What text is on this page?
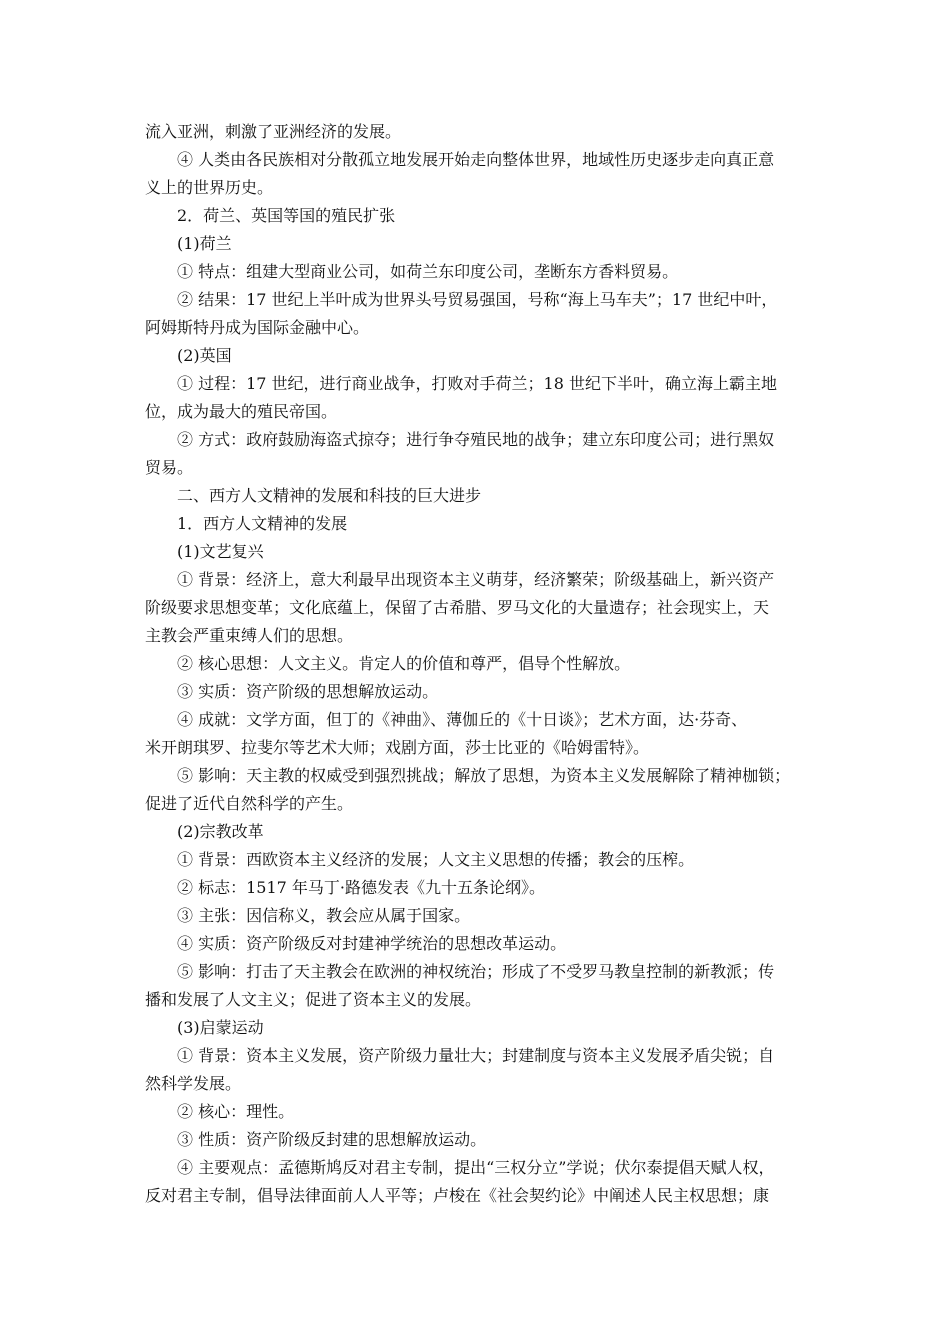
流入亚洲，刺激了亚洲经济的发展。

④ 人类由各民族相对分散孤立地发展开始走向整体世界，地域性历史逐步走向真正意

义上的世界历史。

2．荷兰、英国等国的殖民扩张

(1)荷兰

① 特点：组建大型商业公司，如荷兰东印度公司，垄断东方香料贸易。

② 结果：17 世纪上半叶成为世界头号贸易强国，号称“海上马车夫”；17 世纪中叶，

阿姆斯特丹成为国际金融中心。

(2)英国

① 过程：17 世纪，进行商业战争，打败对手荷兰；18 世纪下半叶，确立海上霸主地

位，成为最大的殖民帝国。

② 方式：政府鼓励海盗式掠夺；进行争夺殖民地的战争；建立东印度公司；进行黑奴

贸易。

二、西方人文精神的发展和科技的巨大进步

1．西方人文精神的发展

(1)文艺复兴

① 背景：经济上，意大利最早出现资本主义萌芽，经济繁荣；阶级基础上，新兴资产

阶级要求思想变革；文化底蕴上，保留了古希腊、罗马文化的大量遗存；社会现实上，天

主教会严重束缚人们的思想。

② 核心思想：人文主义。肯定人的价值和尊严，倡导个性解放。

③ 实质：资产阶级的思想解放运动。

④ 成就：文学方面，但丁的《神曲》、薄伽丘的《十日谈》；艺术方面，达·芬奇、

米开朗琪罗、拉斐尔等艺术大师；戏剧方面，莎士比亚的《哈姆雷特》。

⑤ 影响：天主教的权威受到强烈挑战；解放了思想，为资本主义发展解除了精神枷锁；

促进了近代自然科学的产生。

(2)宗教改革

① 背景：西欧资本主义经济的发展；人文主义思想的传播；教会的压榨。

② 标志：1517 年马丁·路德发表《九十五条论纲》。

③ 主张：因信称义，教会应从属于国家。

④ 实质：资产阶级反对封建神学统治的思想改革运动。

⑤ 影响：打击了天主教会在欧洲的神权统治；形成了不受罗马教皇控制的新教派；传

播和发展了人文主义；促进了资本主义的发展。

(3)启蒙运动

① 背景：资本主义发展，资产阶级力量壮大；封建制度与资本主义发展矛盾尖锐；自

然科学发展。

② 核心：理性。

③ 性质：资产阶级反封建的思想解放运动。

④ 主要观点：孟德斯鸠反对君主专制，提出“三权分立”学说；伏尔泰提倡天赋人权，

反对君主专制，倡导法律面前人人平等；卢梭在《社会契约论》中阐述人民主权思想；康
